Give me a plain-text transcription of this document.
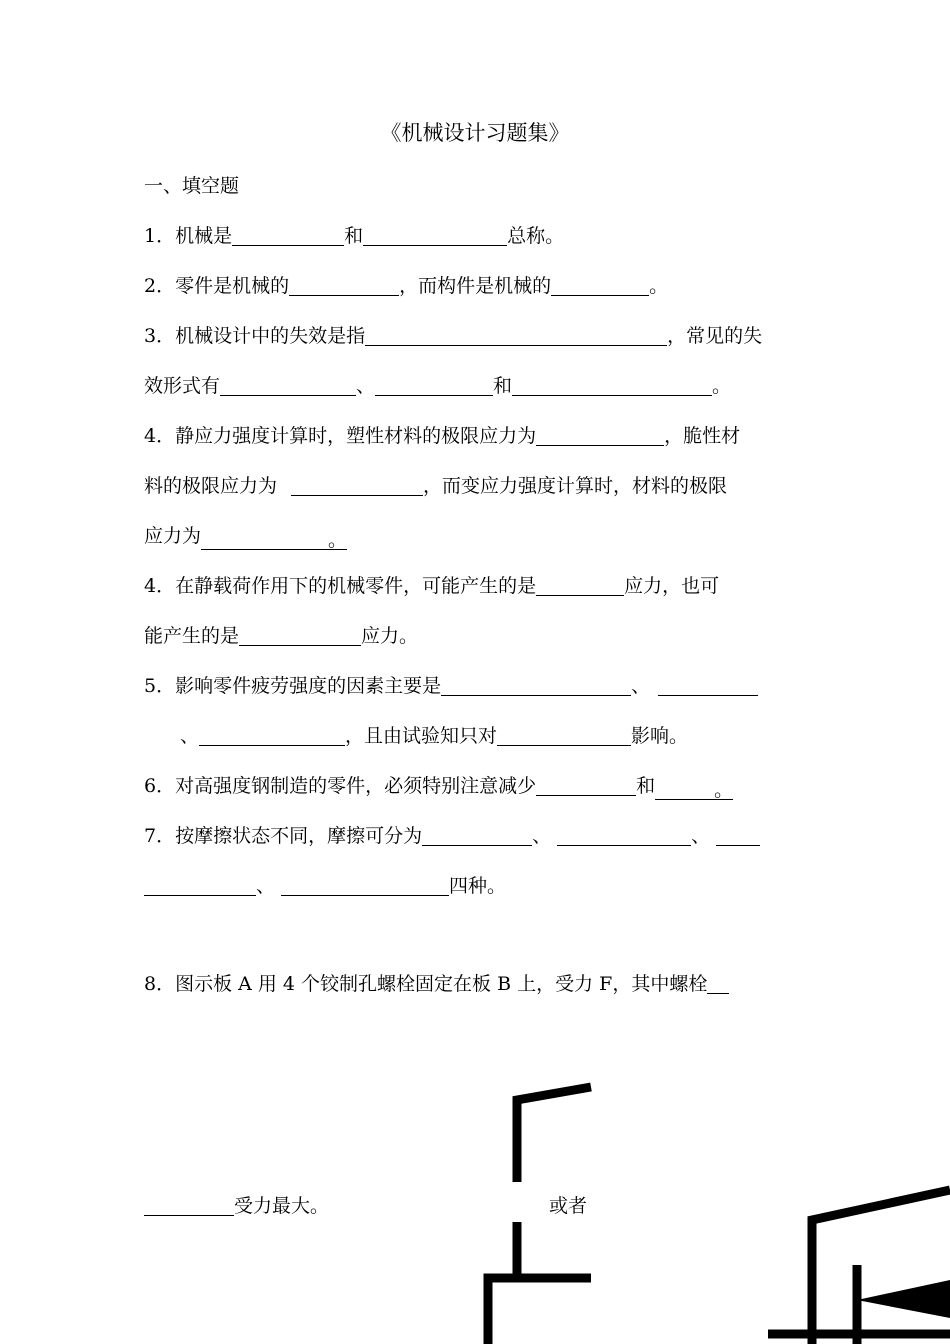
《机械设计习题集》
一、填空题
1．机械是	和	总称。
2．零件是机械的	，而构件是机械的	。
3．机械设计中的失效是指	，常见的失
效形式有	、	和	。
4．静应力强度计算时，塑性材料的极限应力为	，脆性材
料的极限应力为	，而变应力强度计算时，材料的极限
应力为	。
4．在静载荷作用下的机械零件，可能产生的是	应力，也可
能产生的是	应力。
5．影响零件疲劳强度的因素主要是	、
、	，且由试验知只对	影响。
6．对高强度钢制造的零件，必须特别注意减少	和	。
7．按摩擦状态不同，摩擦可分为	、	、
、	四种。
8．图示板 A 用 4 个铰制孔螺栓固定在板 B 上，受力 F，其中螺栓
受力最大。	或者
